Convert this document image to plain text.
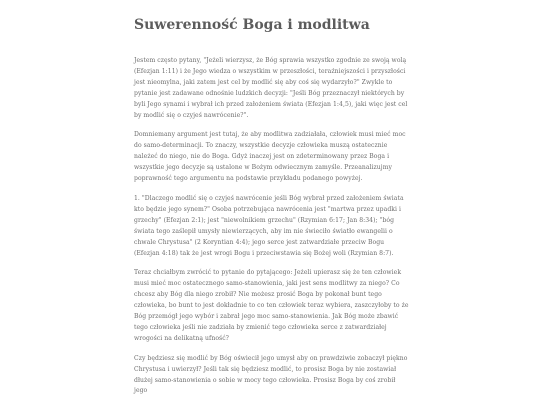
Suwerenność Boga i modlitwa

Jestem często pytany, "Jeżeli wierzysz, że Bóg sprawia wszystko zgodnie ze swoją wolą (Efezjan 1:11) i że Jego wiedza o wszystkim w przeszłości, teraźniejszości i przyszłości jest nieomylna, jaki zatem jest cel by modlić się aby coś się wydarzyło?" Zwykle to pytanie jest zadawane odnośnie ludzkich decyzji: "Jeśli Bóg przeznaczył niektórych by byli Jego synami i wybrał ich przed założeniem świata (Efezjan 1:4,5), jaki więc jest cel by modlić się o czyjeś nawrócenie?".

Domniemany argument jest tutaj, że aby modlitwa zadziałała, człowiek musi mieć moc do samo-determinacji. To znaczy, wszystkie decyzje człowieka muszą ostatecznie należeć do niego, nie do Boga. Gdyż inaczej jest on zdeterminowany przez Boga i wszystkie jego decyzje są ustalone w Bożym odwiecznym zamyśle. Przeanalizujmy poprawność tego argumentu na podstawie przykładu podanego powyżej.

1. "Dlaczego modlić się o czyjeś nawrócenie jeśli Bóg wybrał przed założeniem świata kto będzie jego synem?" Osoba potrzebująca nawrócenia jest "martwa przez upadki i grzechy" (Efezjan 2:1); jest "niewolnikiem grzechu" (Rzymian 6:17; Jan 8:34); "bóg świata tego zaślepił umysły niewierzących, aby im nie świeciło światło ewangelii o chwale Chrystusa" (2 Koryntian 4:4); jego serce jest zatwardziałe przeciw Bogu (Efezjan 4:18) tak że jest wrogi Bogu i przeciwstawia się Bożej woli (Rzymian 8:7).

Teraz chciałbym zwrócić to pytanie do pytającego: Jeżeli upierasz się że ten człowiek musi mieć moc ostatecznego samo-stanowienia, jaki jest sens modlitwy za niego? Co chcesz aby Bóg dla niego zrobił? Nie możesz prosić Boga by pokonał bunt tego człowieka, bo bunt to jest dokładnie to co ten człowiek teraz wybiera, zaszczyłoby to że Bóg przemógł jego wybór i zabrał jego moc samo-stanowienia. Jak Bóg może zbawić tego człowieka jeśli nie zadziała by zmienić tego człowieka serce z zatwardziałej wrogości na delikatną ufność?

Czy będziesz się modlić by Bóg oświecił jego umysł aby on prawdziwie zobaczył piękno Chrystusa i uwierzył? Jeśli tak się będziesz modlić, to prosisz Boga by nie zostawiał dłużej samo-stanowienia o sobie w mocy tego człowieka. Prosisz Boga by coś zrobił jego
